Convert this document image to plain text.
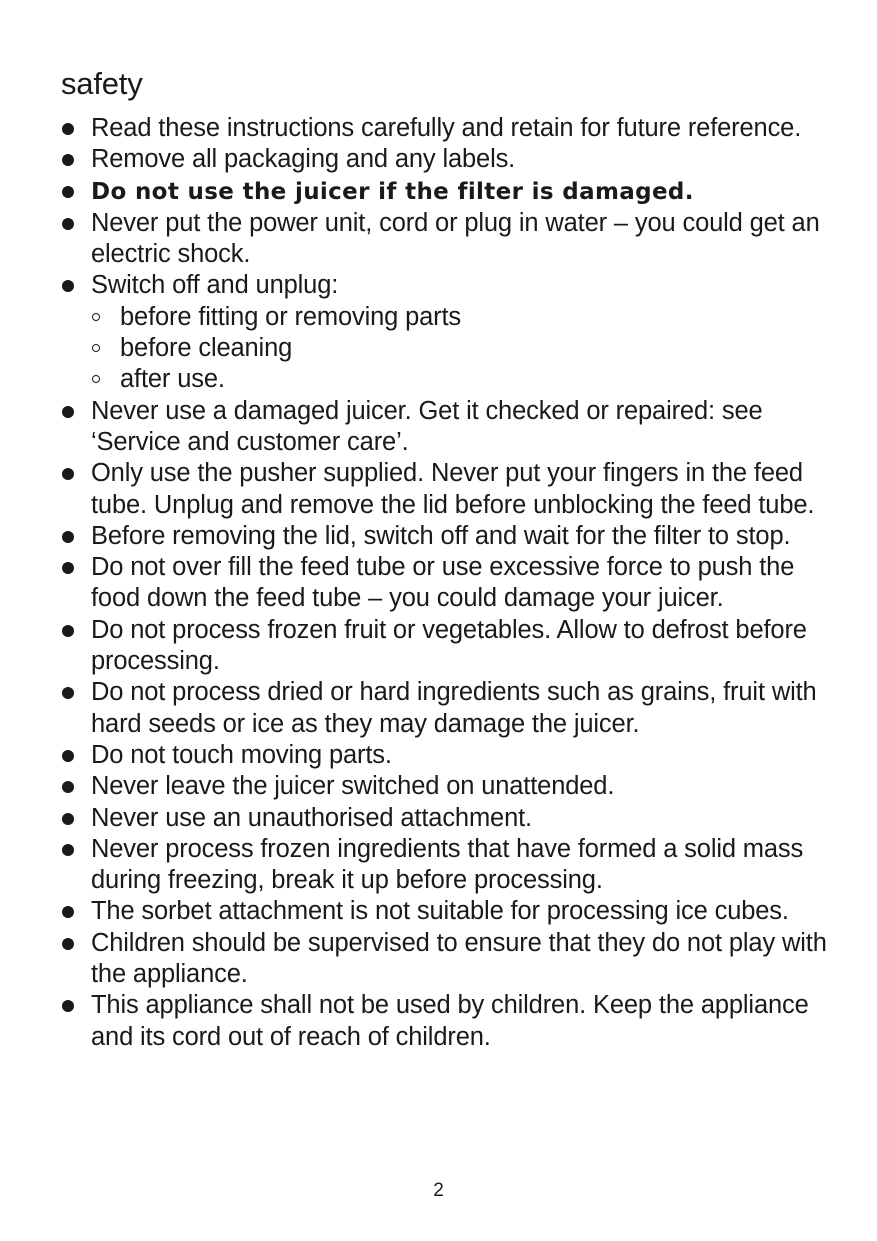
safety
Read these instructions carefully and retain for future reference.
Remove all packaging and any labels.
Do not use the juicer if the filter is damaged.
Never put the power unit, cord or plug in water – you could get an electric shock.
Switch off and unplug:
before fitting or removing parts
before cleaning
after use.
Never use a damaged juicer. Get it checked or repaired: see ‘Service and customer care’.
Only use the pusher supplied. Never put your fingers in the feed tube. Unplug and remove the lid before unblocking the feed tube.
Before removing the lid, switch off and wait for the filter to stop.
Do not over fill the feed tube or use excessive force to push the food down the feed tube – you could damage your juicer.
Do not process frozen fruit or vegetables. Allow to defrost before processing.
Do not process dried or hard ingredients such as grains, fruit with hard seeds or ice as they may damage the juicer.
Do not touch moving parts.
Never leave the juicer switched on unattended.
Never use an unauthorised attachment.
Never process frozen ingredients that have formed a solid mass during freezing, break it up before processing.
The sorbet attachment is not suitable for processing ice cubes.
Children should be supervised to ensure that they do not play with the appliance.
This appliance shall not be used by children. Keep the appliance and its cord out of reach of children.
2
